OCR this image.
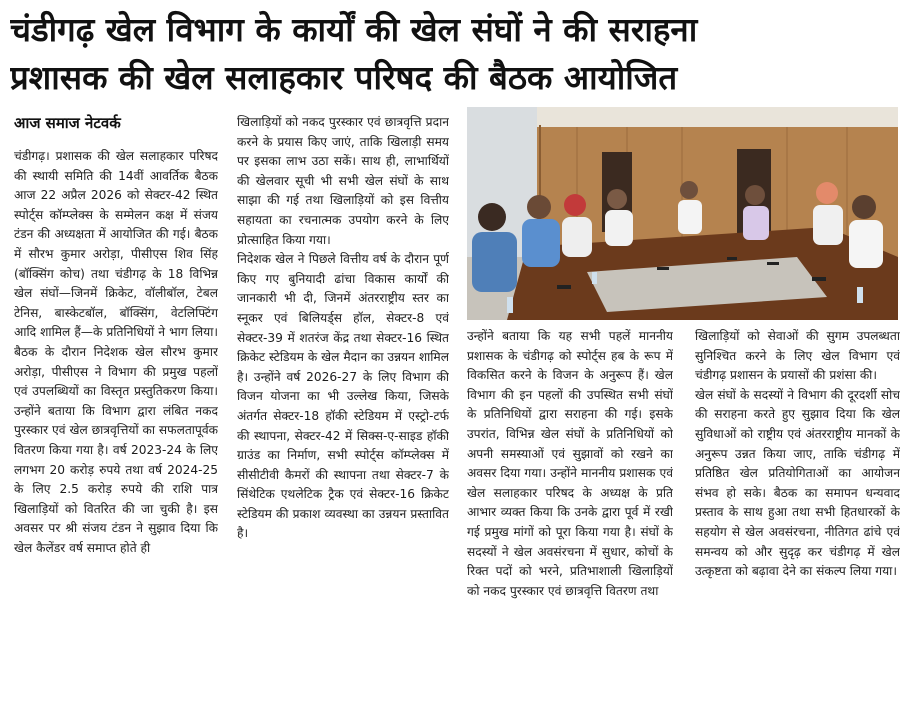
चंडीगढ़ खेल विभाग के कार्यों की खेल संघों ने की सराहना
प्रशासक की खेल सलाहकार परिषद की बैठक आयोजित

आज समाज नेटवर्क

चंडीगढ़। प्रशासक की खेल सलाहकार परिषद की स्थायी समिति की 14वीं आवर्तिक बैठक आज 22 अप्रैल 2026 को सेक्टर-42 स्थित स्पोर्ट्स कॉम्प्लेक्स के सम्मेलन कक्ष में संजय टंडन की अध्यक्षता में आयोजित की गई। बैठक में सौरभ कुमार अरोड़ा, पीसीएस शिव सिंह (बॉक्सिंग कोच) तथा चंडीगढ़ के 18 विभिन्न खेल संघों—जिनमें क्रिकेट, वॉलीबॉल, टेबल टेनिस, बास्केटबॉल, बॉक्सिंग, वेटलिफ्टिंग आदि शामिल हैं—के प्रतिनिधियों ने भाग लिया।बैठक के दौरान निदेशक खेल सौरभ कुमार अरोड़ा, पीसीएस ने विभाग की प्रमुख पहलों एवं उपलब्धियों का विस्तृत प्रस्तुतिकरण किया। उन्होंने बताया कि विभाग द्वारा लंबित नकद पुरस्कार एवं खेल छात्रवृत्तियों का सफलतापूर्वक वितरण किया गया है। वर्ष 2023-24 के लिए लगभग 20 करोड़ रुपये तथा वर्ष 2024-25 के लिए 2.5 करोड़ रुपये की राशि पात्र खिलाड़ियों को वितरित की जा चुकी है। इस अवसर पर श्री संजय टंडन ने सुझाव दिया कि खेल कैलेंडर वर्ष समाप्त होते ही

खिलाड़ियों को नकद पुरस्कार एवं छात्रवृत्ति प्रदान करने के प्रयास किए जाएं, ताकि खिलाड़ी समय पर इसका लाभ उठा सकें। साथ ही, लाभार्थियों की खेलवार सूची भी सभी खेल संघों के साथ साझा की गई तथा खिलाड़ियों को इस वित्तीय सहायता का रचनात्मक उपयोग करने के लिए प्रोत्साहित किया गया।

निदेशक खेल ने पिछले वित्तीय वर्ष के दौरान पूर्ण किए गए बुनियादी ढांचा विकास कार्यों की जानकारी भी दी, जिनमें अंतरराष्ट्रीय स्तर का स्नूकर एवं बिलियर्ड्स हॉल, सेक्टर-8 एवं सेक्टर-39 में शतरंज केंद्र तथा सेक्टर-16 स्थित क्रिकेट स्टेडियम के खेल मैदान का उन्नयन शामिल है। उन्होंने वर्ष 2026-27 के लिए विभाग की विजन योजना का भी उल्लेख किया, जिसके अंतर्गत सेक्टर-18 हॉकी स्टेडियम में एस्ट्रो-टर्फ की स्थापना, सेक्टर-42 में सिक्स-ए-साइड हॉकी ग्राउंड का निर्माण, सभी स्पोर्ट्स कॉम्प्लेक्स में सीसीटीवी कैमरों की स्थापना तथा सेक्टर-7 के सिंथेटिक एथलेटिक ट्रैक एवं सेक्टर-16 क्रिकेट स्टेडियम की प्रकाश व्यवस्था का उन्नयन प्रस्तावित है।

उन्होंने बताया कि यह सभी पहलें माननीय प्रशासक के चंडीगढ़ को स्पोर्ट्स हब के रूप में विकसित करने के विजन के अनुरूप हैं। खेल विभाग की इन पहलों की उपस्थित सभी संघों के प्रतिनिधियों द्वारा सराहना की गई। इसके उपरांत, विभिन्न खेल संघों के प्रतिनिधियों को अपनी समस्याओं एवं सुझावों को रखने का अवसर दिया गया। उन्होंने माननीय प्रशासक एवं खेल सलाहकार परिषद के अध्यक्ष के प्रति आभार व्यक्त किया कि उनके द्वारा पूर्व में रखी गई प्रमुख मांगों को पूरा किया गया है। संघों के सदस्यों ने खेल अवसंरचना में सुधार, कोचों के रिक्त पदों को भरने, प्रतिभाशाली खिलाड़ियों को नकद पुरस्कार एवं छात्रवृत्ति वितरण तथा

खिलाड़ियों को सेवाओं की सुगम उपलब्धता सुनिश्चित करने के लिए खेल विभाग एवं चंडीगढ़ प्रशासन के प्रयासों की प्रशंसा की।

खेल संघों के सदस्यों ने विभाग की दूरदर्शी सोच की सराहना करते हुए सुझाव दिया कि खेल सुविधाओं को राष्ट्रीय एवं अंतरराष्ट्रीय मानकों के अनुरूप उन्नत किया जाए, ताकि चंडीगढ़ में प्रतिष्ठित खेल प्रतियोगिताओं का आयोजन संभव हो सके। बैठक का समापन धन्यवाद प्रस्ताव के साथ हुआ तथा सभी हितधारकों के सहयोग से खेल अवसंरचना, नीतिगत ढांचे एवं समन्वय को और सुदृढ़ कर चंडीगढ़ में खेल उत्कृष्टता को बढ़ावा देने का संकल्प लिया गया।
